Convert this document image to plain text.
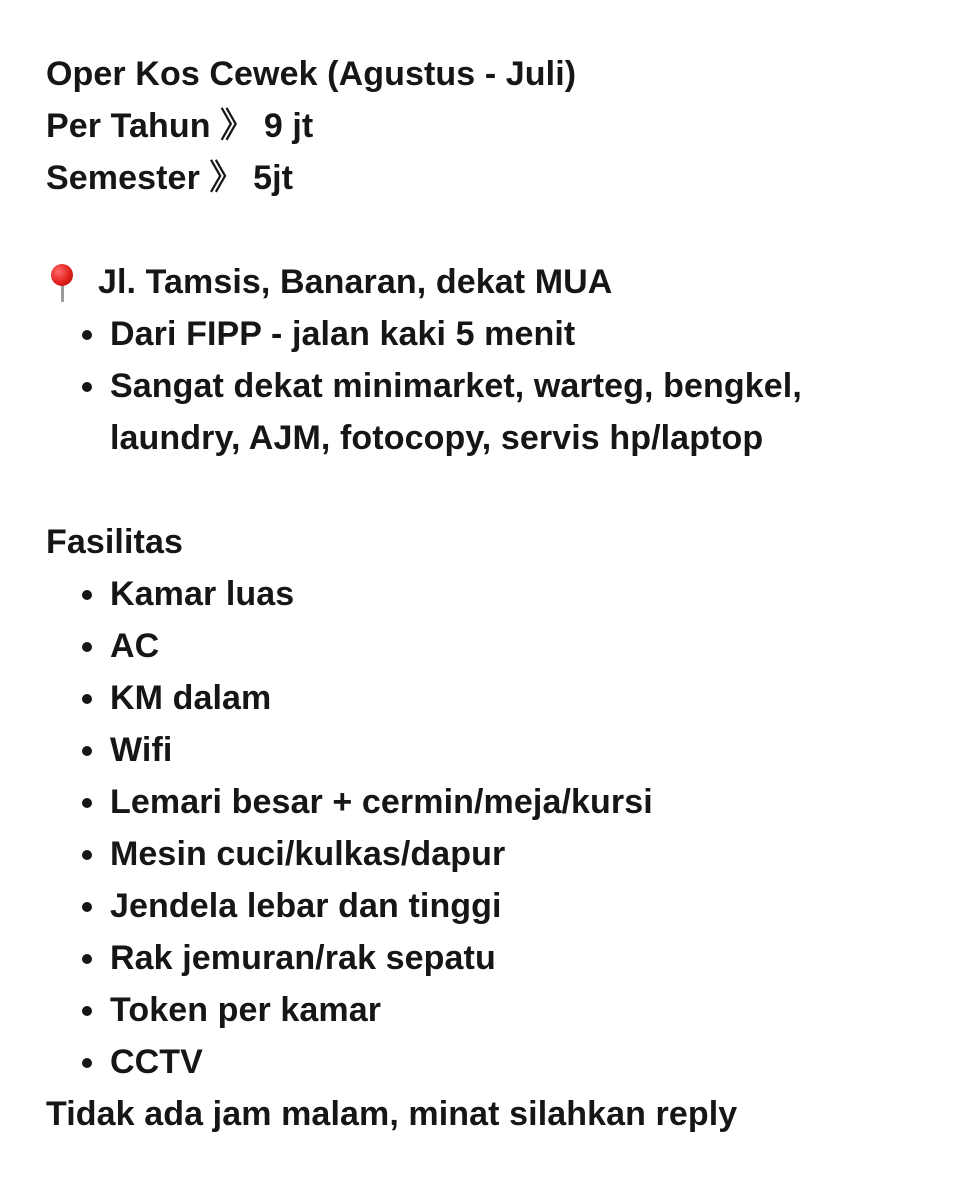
Oper Kos Cewek (Agustus - Juli)
Per Tahun 》 9 jt
Semester 》 5jt
Jl. Tamsis, Banaran, dekat MUA
Dari FIPP - jalan kaki 5 menit
Sangat dekat minimarket, warteg, bengkel, laundry, AJM, fotocopy, servis hp/laptop
Fasilitas
Kamar luas
AC
KM dalam
Wifi
Lemari besar + cermin/meja/kursi
Mesin cuci/kulkas/dapur
Jendela lebar dan tinggi
Rak jemuran/rak sepatu
Token per kamar
CCTV
Tidak ada jam malam, minat silahkan reply
